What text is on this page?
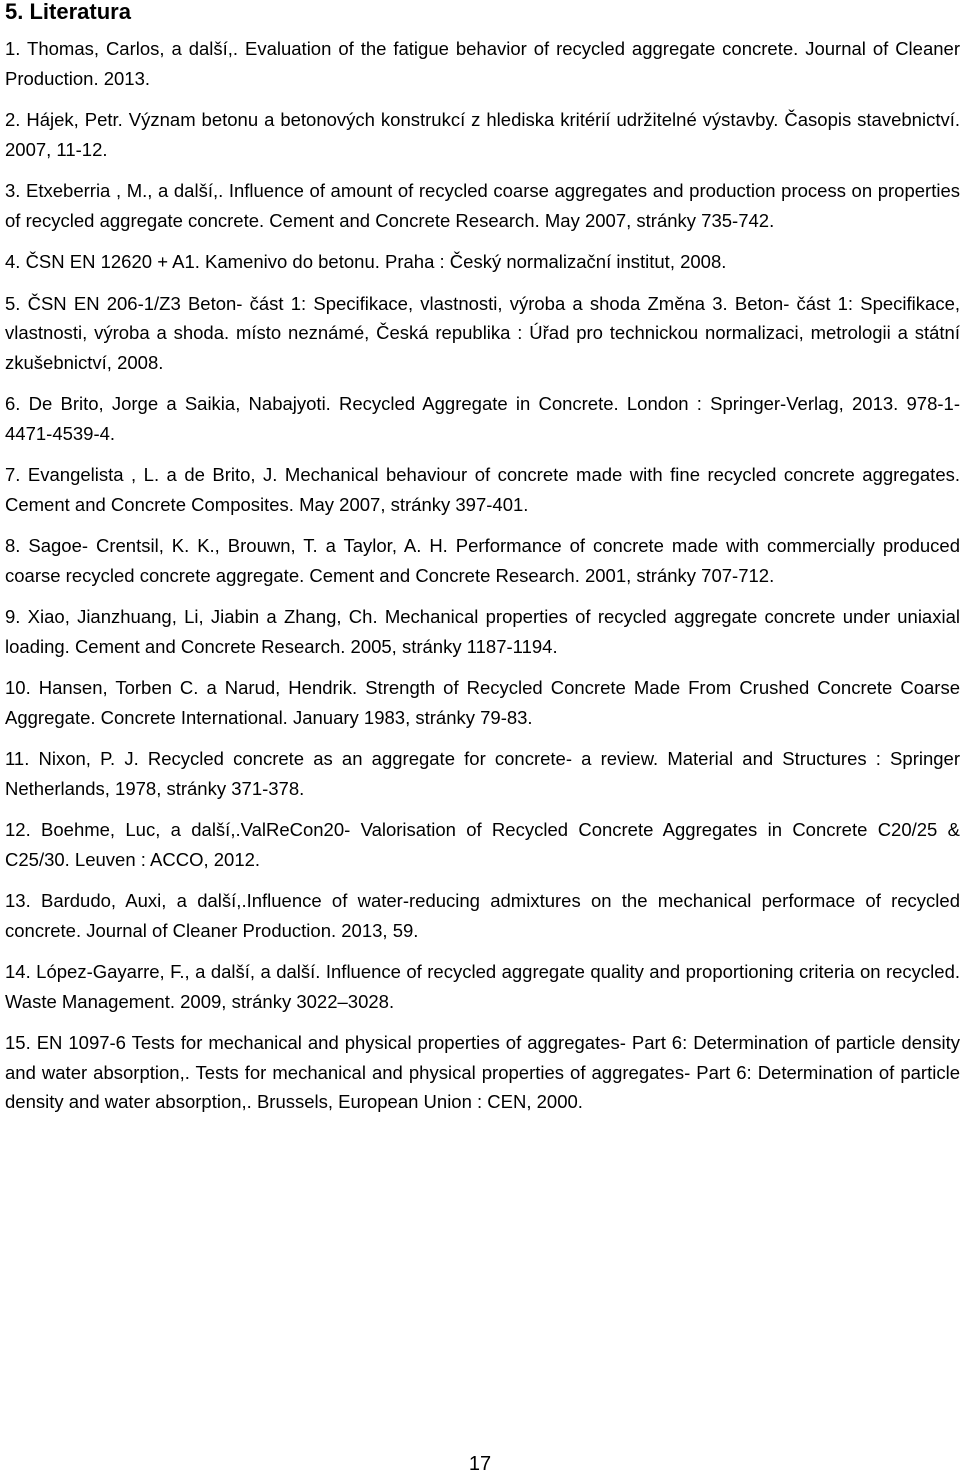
5. Literatura

1. Thomas, Carlos, a další,. Evaluation of the fatigue behavior of recycled aggregate concrete. Journal of Cleaner Production. 2013.

2. Hájek, Petr. Význam betonu a betonových konstrukcí z hlediska kritérií udržitelné výstavby. Časopis stavebnictví. 2007, 11-12.

3. Etxeberria , M., a další,. Influence of amount of recycled coarse aggregates and production process on properties of recycled aggregate concrete. Cement and Concrete Research. May 2007, stránky 735-742.

4. ČSN EN 12620 + A1. Kamenivo do betonu. Praha : Český normalizační institut, 2008.

5. ČSN EN 206-1/Z3 Beton- část 1: Specifikace, vlastnosti, výroba a shoda Změna 3. Beton- část 1: Specifikace, vlastnosti, výroba a shoda. místo neznámé, Česká republika : Úřad pro technickou normalizaci, metrologii a státní zkušebnictví, 2008.

6. De Brito, Jorge a Saikia, Nabajyoti. Recycled Aggregate in Concrete. London : Springer-Verlag, 2013. 978-1-4471-4539-4.

7. Evangelista , L. a de Brito, J. Mechanical behaviour of concrete made with fine recycled concrete aggregates. Cement and Concrete Composites. May 2007, stránky 397-401.

8. Sagoe- Crentsil, K. K., Brouwn, T. a Taylor, A. H. Performance of concrete made with commercially produced coarse recycled concrete aggregate. Cement and Concrete Research. 2001, stránky 707-712.

9. Xiao, Jianzhuang, Li, Jiabin a Zhang, Ch. Mechanical properties of recycled aggregate concrete under uniaxial loading. Cement and Concrete Research. 2005, stránky 1187-1194.

10. Hansen, Torben C. a Narud, Hendrik. Strength of Recycled Concrete Made From Crushed Concrete Coarse Aggregate. Concrete International. January 1983, stránky 79-83.

11. Nixon, P. J. Recycled concrete as an aggregate for concrete- a review. Material and Structures : Springer Netherlands, 1978, stránky 371-378.

12. Boehme, Luc, a další,.ValReCon20- Valorisation of Recycled Concrete Aggregates in Concrete C20/25 & C25/30. Leuven : ACCO, 2012.

13. Bardudo, Auxi, a další,.Influence of water-reducing admixtures on the mechanical performace of recycled concrete. Journal of Cleaner Production. 2013, 59.

14. López-Gayarre, F., a další, a další. Influence of recycled aggregate quality and proportioning criteria on recycled. Waste Management. 2009, stránky 3022–3028.

15. EN 1097-6 Tests for mechanical and physical properties of aggregates- Part 6: Determination of particle density and water absorption,. Tests for mechanical and physical properties of aggregates- Part 6: Determination of particle density and water absorption,. Brussels, European Union : CEN, 2000.

17
